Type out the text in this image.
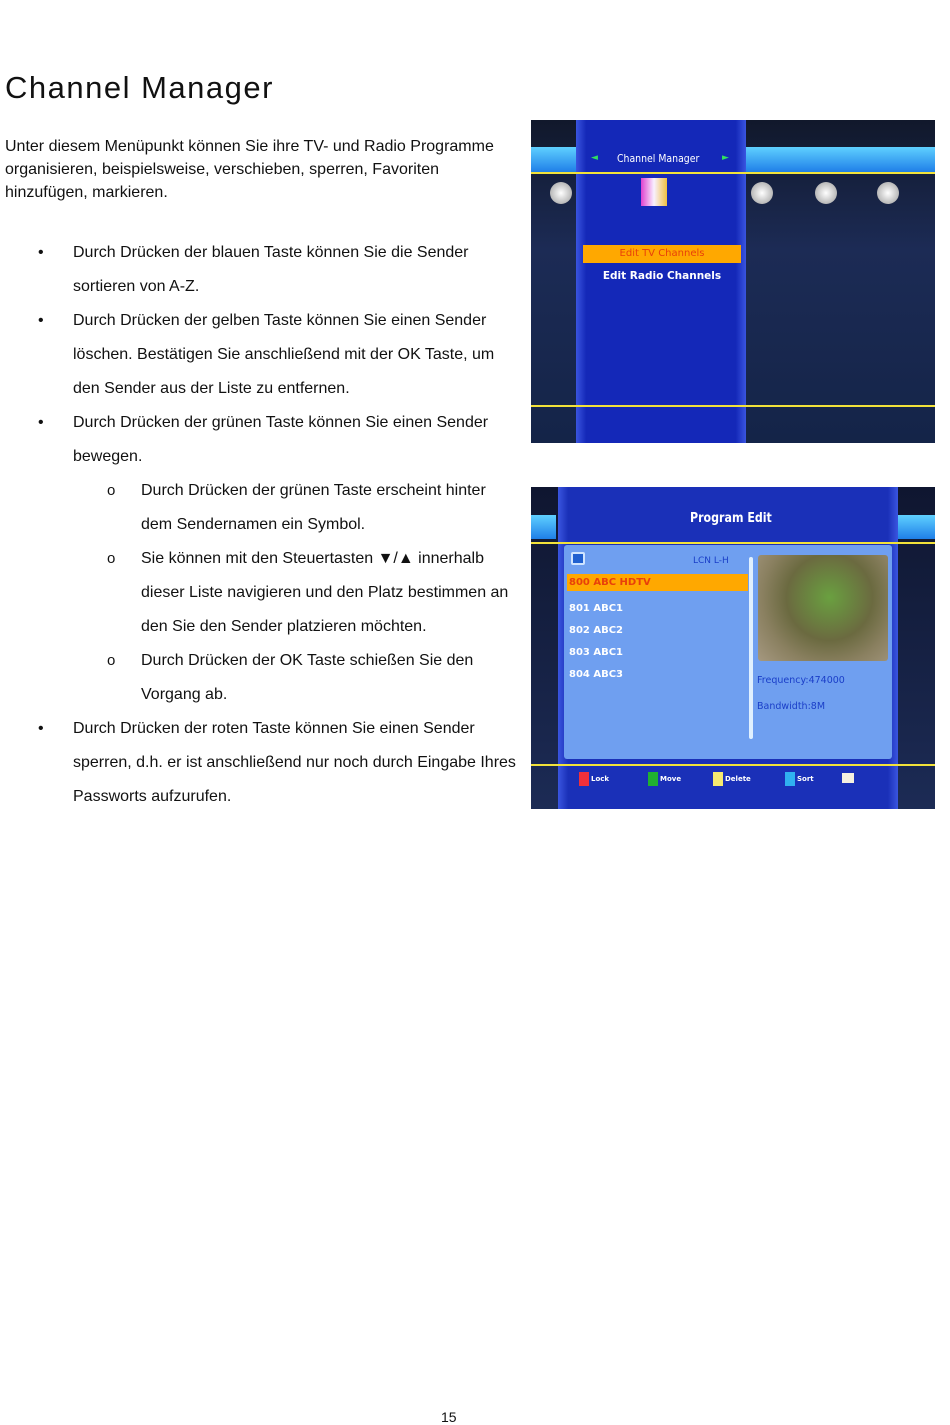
Channel Manager

Unter diesem Menüpunkt können Sie ihre TV- und Radio Programme organisieren, beispielsweise, verschieben, sperren, Favoriten hinzufügen, markieren.

• Durch Drücken der blauen Taste können Sie die Sender sortieren von A-Z.
• Durch Drücken der gelben Taste können Sie einen Sender löschen. Bestätigen Sie anschließend mit der OK Taste, um den Sender aus der Liste zu entfernen.
• Durch Drücken der grünen Taste können Sie einen Sender bewegen.
o Durch Drücken der grünen Taste erscheint hinter dem Sendernamen ein Symbol.
o Sie können mit den Steuertasten ▼/▲ innerhalb dieser Liste navigieren und den Platz bestimmen an den Sie den Sender platzieren möchten.
o Durch Drücken der OK Taste schießen Sie den Vorgang ab.
• Durch Drücken der roten Taste können Sie einen Sender sperren, d.h. er ist anschließend nur noch durch Eingabe Ihres Passworts aufzurufen.
◄ Channel Manager	►
Edit TV Channels
Edit Radio Channels
Program Edit
LCN L-H
800 ABC HDTV
801 ABC1
802 ABC2
803 ABC1
804 ABC3
Frequency:474000
Bandwidth:8M
Lock	Move	Delete	Sort
15
